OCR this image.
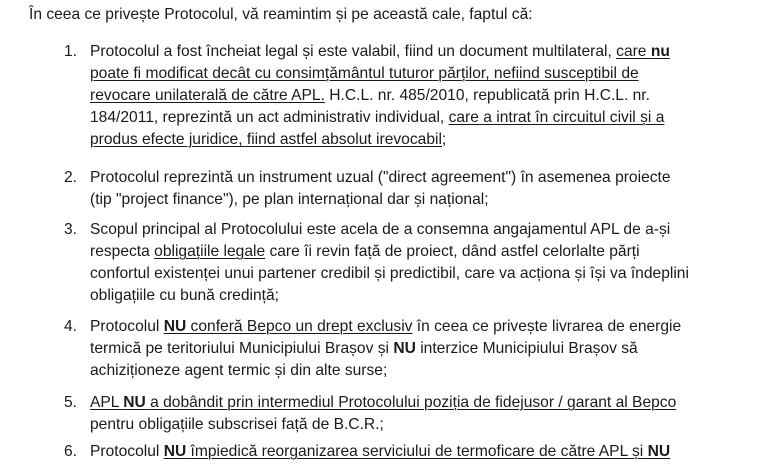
În ceea ce privește Protocolul, vă reamintim și pe această cale, faptul că:
1. Protocolul a fost încheiat legal și este valabil, fiind un document multilateral, care nu
poate fi modificat decât cu consimțământul tuturor părților, nefiind susceptibil de
revocare unilaterală de către APL. H.C.L. nr. 485/2010, republicată prin H.C.L. nr.
184/2011, reprezintă un act administrativ individual, care a intrat în circuitul civil și a
produs efecte juridice, fiind astfel absolut irevocabil;
2. Protocolul reprezintă un instrument uzual ("direct agreement") în asemenea proiecte
(tip "project finance"), pe plan internațional dar și național;
3. Scopul principal al Protocolului este acela de a consemna angajamentul APL de a-și
respecta obligațiile legale care îi revin față de proiect, dând astfel celorlalte părți
confortul existenței unui partener credibil și predictibil, care va acționa și își va îndeplini
obligațiile cu bună credință;
4. Protocolul NU conferă Bepco un drept exclusiv în ceea ce privește livrarea de energie
termică pe teritoriului Municipiului Brașov și NU interzice Municipiului Brașov să
achiziționeze agent termic și din alte surse;
5. APL NU a dobândit prin intermediul Protocolului poziția de fidejusor / garant al Bepco
pentru obligațiile subscrisei față de B.C.R.;
6. Protocolul NU împiedică reorganizarea serviciului de termoficare de către APL și NU
